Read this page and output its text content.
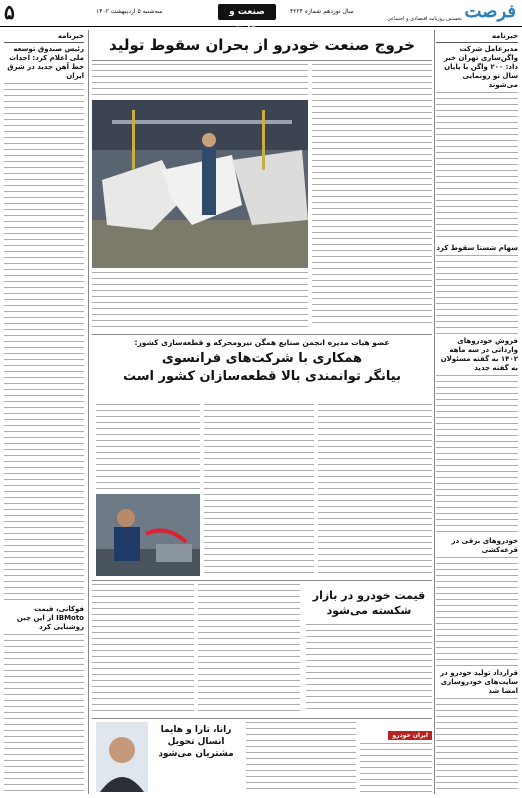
۵	سه‌شنبه ۵ اردیبهشت ۱۴۰۲	صنعت و تجارت
سال نوزدهم شماره ۴۲۲۴	فرصت
نخستین روزنامه اقتصادی و اجتماعی
خبرنامه
مدیرعامل شرکت واگن‌سازی تهران خبر داد: ۲۰۰ واگن با پایان سال نو رونمایی می‌شوند
سهام شستا سقوط کرد
فروش خودروهای وارداتی در سه ماهه ۱۴۰۲ به گفته مسئولان به گفته جدید
خودروهای برقی در قرعه‌کشی
قرارداد تولید خودرو در سایت‌های خودروسازی امضا شد
خبرنامه
رئیس صندوق توسعه ملی اعلام کرد: احداث خط آهن جدید در شرق ایران
فوکانی، قیمت IBMoto از این چین روشنایی کرد
خروج صنعت خودرو از بحران سقوط تولید
عضو هیات مدیره انجمن صنایع همگن نیرومحرکه و قطعه‌سازی کشور:
همکاری با شرکت‌های فرانسوی
بیانگر توانمندی بالا قطعه‌سازان کشور است
قیمت خودرو در بازار شکسته می‌شود
ایران خودرو
رانا، تارا و هایما انسال تحویل مشتریان می‌شود
